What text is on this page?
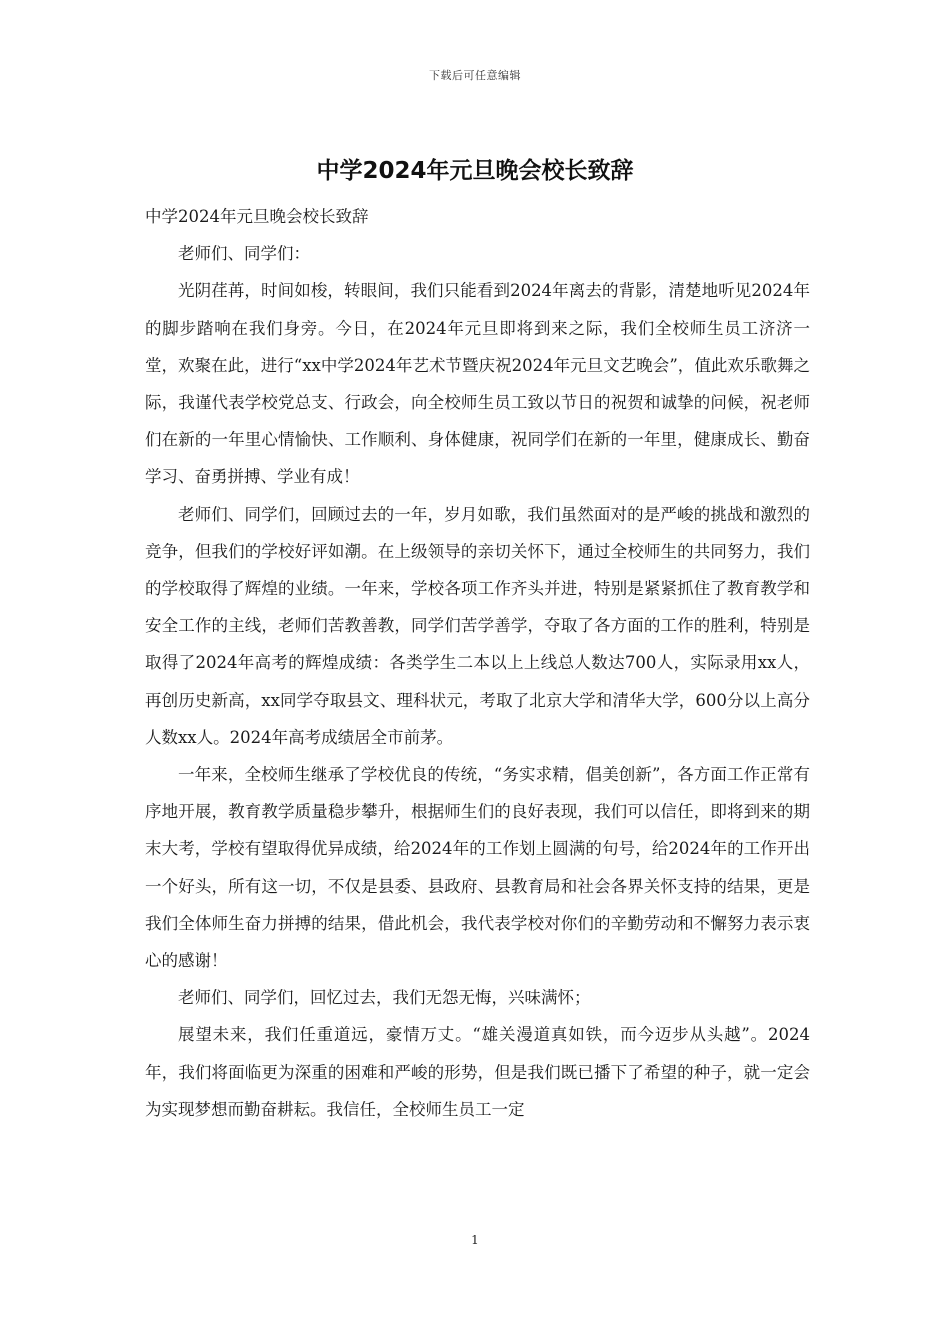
下载后可任意编辑
中学2024年元旦晚会校长致辞

中学2024年元旦晚会校长致辞

老师们、同学们：

光阴荏苒，时间如梭，转眼间，我们只能看到2024年离去的背影，清楚地听见2024年的脚步踏响在我们身旁。今日，在2024年元旦即将到来之际，我们全校师生员工济济一堂，欢聚在此，进行“xx中学2024年艺术节暨庆祝2024年元旦文艺晚会”，值此欢乐歌舞之际，我谨代表学校党总支、行政会，向全校师生员工致以节日的祝贺和诚挚的问候，祝老师们在新的一年里心情愉快、工作顺利、身体健康，祝同学们在新的一年里，健康成长、勤奋学习、奋勇拼搏、学业有成！

老师们、同学们，回顾过去的一年，岁月如歌，我们虽然面对的是严峻的挑战和激烈的竞争，但我们的学校好评如潮。在上级领导的亲切关怀下，通过全校师生的共同努力，我们的学校取得了辉煌的业绩。一年来，学校各项工作齐头并进，特别是紧紧抓住了教育教学和安全工作的主线，老师们苦教善教，同学们苦学善学，夺取了各方面的工作的胜利，特别是取得了2024年高考的辉煌成绩：各类学生二本以上上线总人数达700人，实际录用xx人，再创历史新高，xx同学夺取县文、理科状元，考取了北京大学和清华大学，600分以上高分人数xx人。2024年高考成绩居全市前茅。

一年来，全校师生继承了学校优良的传统，“务实求精，倡美创新”，各方面工作正常有序地开展，教育教学质量稳步攀升，根据师生们的良好表现，我们可以信任，即将到来的期末大考，学校有望取得优异成绩，给2024年的工作划上圆满的句号，给2024年的工作开出一个好头，所有这一切，不仅是县委、县政府、县教育局和社会各界关怀支持的结果，更是我们全体师生奋力拼搏的结果，借此机会，我代表学校对你们的辛勤劳动和不懈努力表示衷心的感谢！

老师们、同学们，回忆过去，我们无怨无悔，兴味满怀；

展望未来，我们任重道远，豪情万丈。“雄关漫道真如铁，而今迈步从头越”。2024年，我们将面临更为深重的困难和严峻的形势，但是我们既已播下了希望的种子，就一定会为实现梦想而勤奋耕耘。我信任，全校师生员工一定

1
